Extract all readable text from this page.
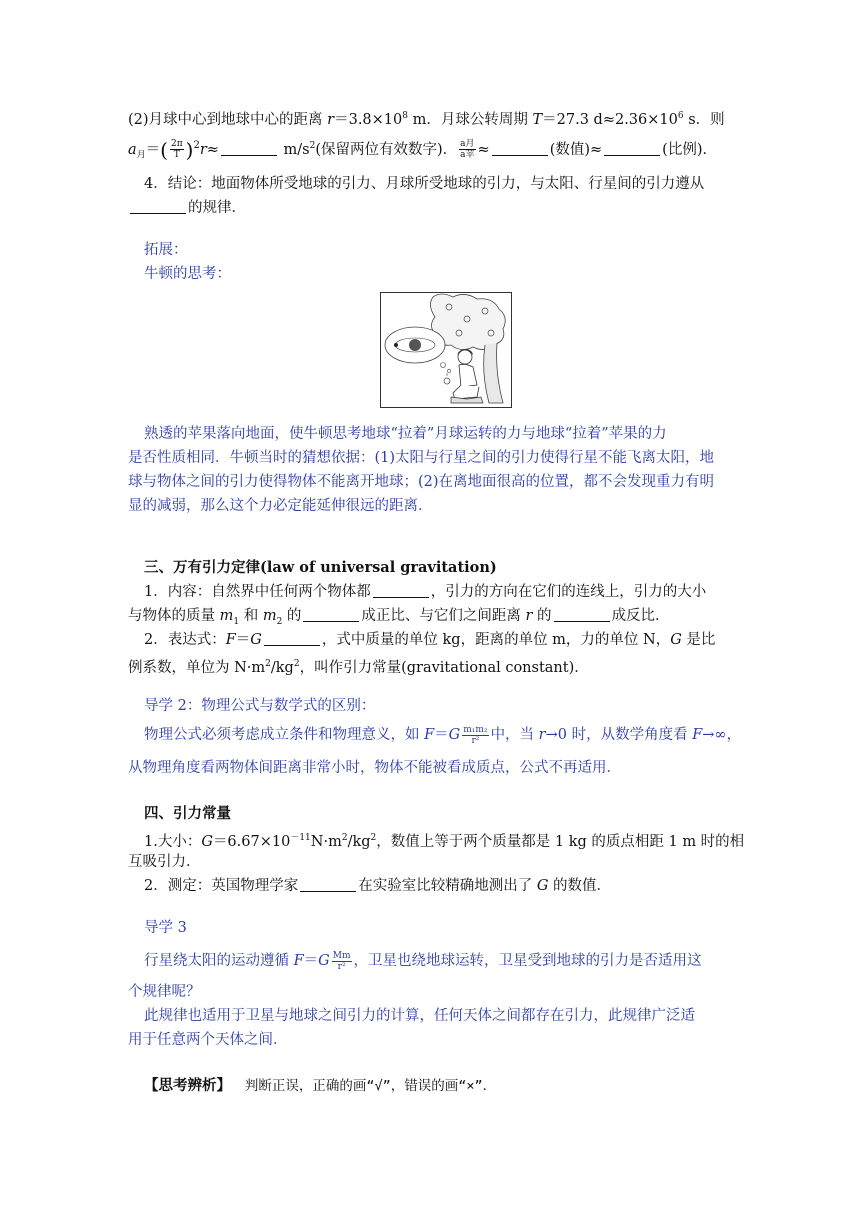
(2)月球中心到地球中心的距离 $r=3.8\times 10^8$ m．月球公转周期 T＝27.3 $d\approx 2.36\times 10^6$ s．则
$a_月=( \frac{2\pi}{T} )^2r\approx$	$m/s^2$(保留两位有效数字)． $\frac{\text{a月}}{\text{a苹}}$ ≈	(数值)≈	(比例)．
4．结论：地面物体所受地球的引力、月球所受地球的引力，与太阳、行星间的引力遵从
的规律．
拓展：
牛顿的思考：
熟透的苹果落向地面，使牛顿思考地球“拉着”月球运转的力与地球“拉着”苹果的力
是否性质相同．牛顿当时的猜想依据：(1)太阳与行星之间的引力使得行星不能飞离太阳，地
球与物体之间的引力使得物体不能离开地球；(2)在离地面很高的位置，都不会发现重力有明
显的减弱，那么这个力必定能延伸很远的距离．
三、万有引力定律(law of universal gravitation)
1．内容：自然界中任何两个物体都	，引力的方向在它们的连线上，引力的大小
与物体的质量 $m_1$ 和 $m_2$ 的	成正比、与它们之间距离 r 的	成反比．
2．表达式：F＝G	，式中质量的单位 kg，距离的单位 m，力的单位 N，G 是比
例系数，单位为 $N\cdot m^2/kg^2$，叫作引力常量(gravitational constant)．
导学 2：物理公式与数学式的区别：
物理公式必须考虑成立条件和物理意义，如 $F=G \frac{\text{m₁m₂}}{\text{r²}}$ 中，当 r→0 时，从数学角度看 F→∞，
从物理角度看两物体间距离非常小时，物体不能被看成质点，公式不再适用．
四、引力常量
1.大小：$G=6.67\times 10^{-11}N\cdot m^2/kg^2$，数值上等于两个质量都是 1 kg 的质点相距 1 m 时的相
互吸引力．
2．测定：英国物理学家	在实验室比较精确地测出了 G 的数值．
导学 3
行星绕太阳的运动遵循 $F=G \frac{Mm}{\text{r²}}$ ，卫星也绕地球运转，卫星受到地球的引力是否适用这
个规律呢？
此规律也适用于卫星与地球之间引力的计算，任何天体之间都存在引力，此规律广泛适
用于任意两个天体之间．
【思考辨析】 判断正误，正确的画“√”，错误的画“×”．
